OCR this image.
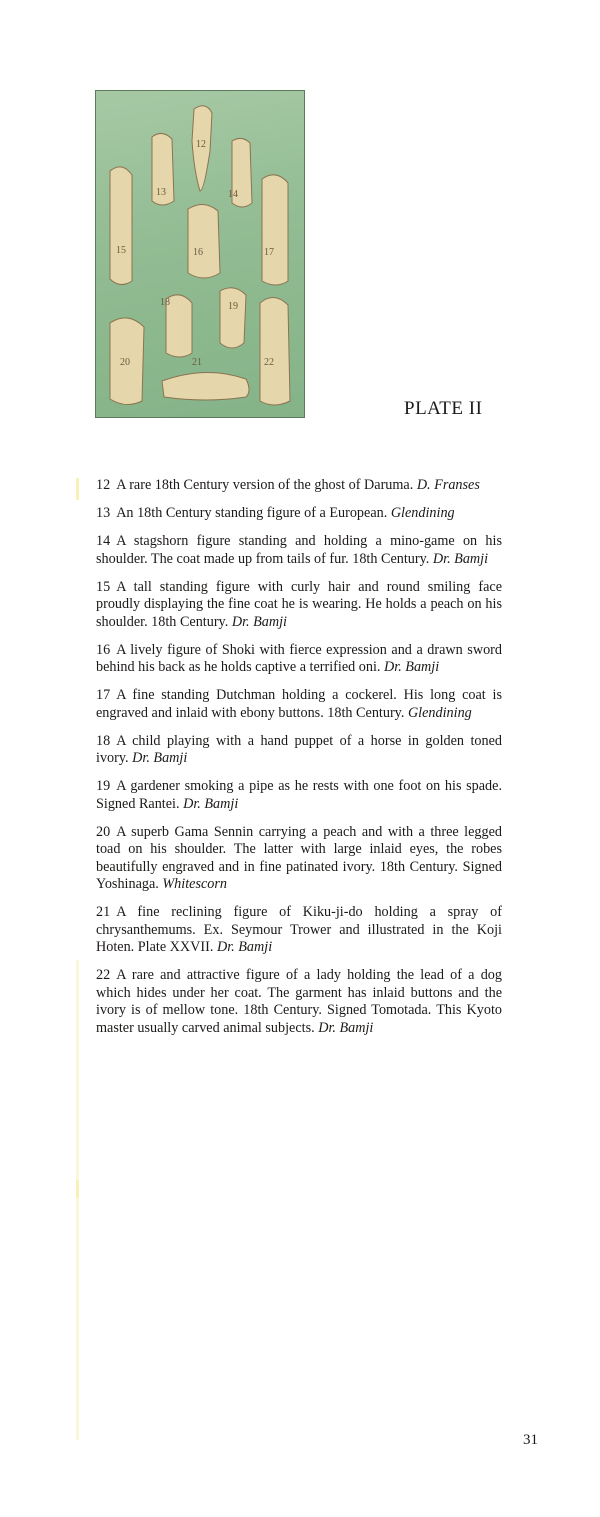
12
13	14
15	16	17
18	19
20	21	22
PLATE II

12 A rare 18th Century version of the ghost of Daruma. D. Franses

13 An 18th Century standing figure of a European. Glendining

14 A stagshorn figure standing and holding a mino-game on his shoulder. The coat made up from tails of fur. 18th Century. Dr. Bamji

15 A tall standing figure with curly hair and round smiling face proudly displaying the fine coat he is wearing. He holds a peach on his shoulder. 18th Century. Dr. Bamji

16 A lively figure of Shoki with fierce expression and a drawn sword behind his back as he holds captive a terrified oni. Dr. Bamji

17 A fine standing Dutchman holding a cockerel. His long coat is engraved and inlaid with ebony buttons. 18th Century. Glendining

18 A child playing with a hand puppet of a horse in golden toned ivory. Dr. Bamji

19 A gardener smoking a pipe as he rests with one foot on his spade. Signed Rantei. Dr. Bamji

20 A superb Gama Sennin carrying a peach and with a three legged toad on his shoulder. The latter with large inlaid eyes, the robes beautifully engraved and in fine patinated ivory. 18th Century. Signed Yoshinaga. Whitescorn

21 A fine reclining figure of Kiku-ji-do holding a spray of chrysanthemums. Ex. Seymour Trower and illustrated in the Koji Hoten. Plate XXVII. Dr. Bamji

22 A rare and attractive figure of a lady holding the lead of a dog which hides under her coat. The garment has inlaid buttons and the ivory is of mellow tone. 18th Century. Signed Tomotada. This Kyoto master usually carved animal subjects. Dr. Bamji

31
